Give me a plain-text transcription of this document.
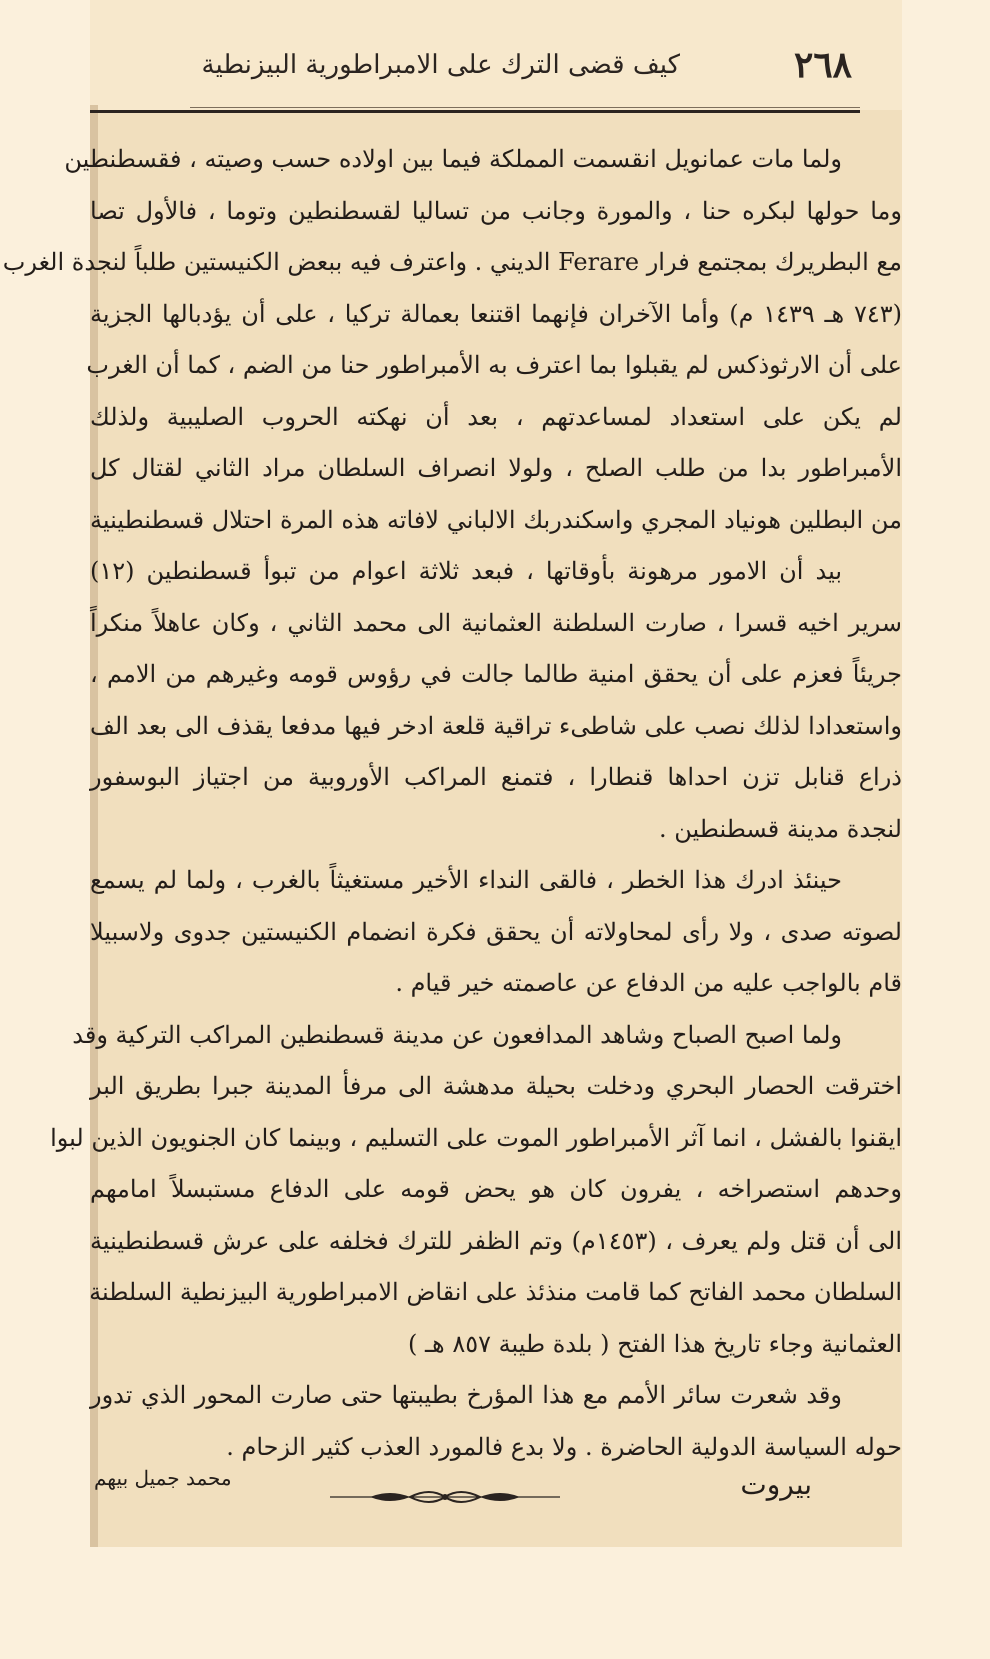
٢٦٨
كيف قضى الترك على الامبراطورية البيزنطية
ولما مات عمانويل انقسمت المملكة فيما بين اولاده حسب وصيته ، فقسطنطين
وما حولها لبكره حنا ، والمورة وجانب من تساليا لقسطنطين وتوما ، فالأول تصا
مع البطريرك بمجتمع فرار Ferare الديني . واعترف فيه ببعض الكنيستين طلباً لنجدة الغرب
(٧٤٣ هـ ١٤٣٩ م) وأما الآخران فإنهما اقتنعا بعمالة تركيا ، على أن يؤدبالها الجزية
على أن الارثوذكس لم يقبلوا بما اعترف به الأمبراطور حنا من الضم ، كما أن الغرب
لم يكن على استعداد لمساعدتهم ، بعد أن نهكته الحروب الصليبية ولذلك
الأمبراطور بدا من طلب الصلح ، ولولا انصراف السلطان مراد الثاني لقتال كل
من البطلين هونياد المجري واسكندربك الالباني لافاته هذه المرة احتلال قسطنطينية
بيد أن الامور مرهونة بأوقاتها ، فبعد ثلاثة اعوام من تبوأ قسطنطين (١٢)
سرير اخيه قسرا ، صارت السلطنة العثمانية الى محمد الثاني ، وكان عاهلاً منكراً
جريئاً فعزم على أن يحقق امنية طالما جالت في رؤوس قومه وغيرهم من الامم ،
واستعدادا لذلك نصب على شاطىء تراقية قلعة ادخر فيها مدفعا يقذف الى بعد الف
ذراع قنابل تزن احداها قنطارا ، فتمنع المراكب الأوروبية من اجتياز البوسفور
لنجدة مدينة قسطنطين .
حينئذ ادرك هذا الخطر ، فالقى النداء الأخير مستغيثاً بالغرب ، ولما لم يسمع
لصوته صدى ، ولا رأى لمحاولاته أن يحقق فكرة انضمام الكنيستين جدوى ولاسبيلا
قام بالواجب عليه من الدفاع عن عاصمته خير قيام .
ولما اصبح الصباح وشاهد المدافعون عن مدينة قسطنطين المراكب التركية وقد
اخترقت الحصار البحري ودخلت بحيلة مدهشة الى مرفأ المدينة جبرا بطريق البر
ايقنوا بالفشل ، انما آثر الأمبراطور الموت على التسليم ، وبينما كان الجنويون الذين لبوا
وحدهم استصراخه ، يفرون كان هو يحض قومه على الدفاع مستبسلاً امامهم
الى أن قتل ولم يعرف ، (١٤٥٣م) وتم الظفر للترك فخلفه على عرش قسطنطينية
السلطان محمد الفاتح كما قامت منذئذ على انقاض الامبراطورية البيزنطية السلطنة
العثمانية وجاء تاريخ هذا الفتح ( بلدة طيبة ٨٥٧ هـ )
وقد شعرت سائر الأمم مع هذا المؤرخ بطيبتها حتى صارت المحور الذي تدور
حوله السياسة الدولية الحاضرة . ولا بدع فالمورد العذب كثير الزحام .
بيروت
محمد جميل بيهم
